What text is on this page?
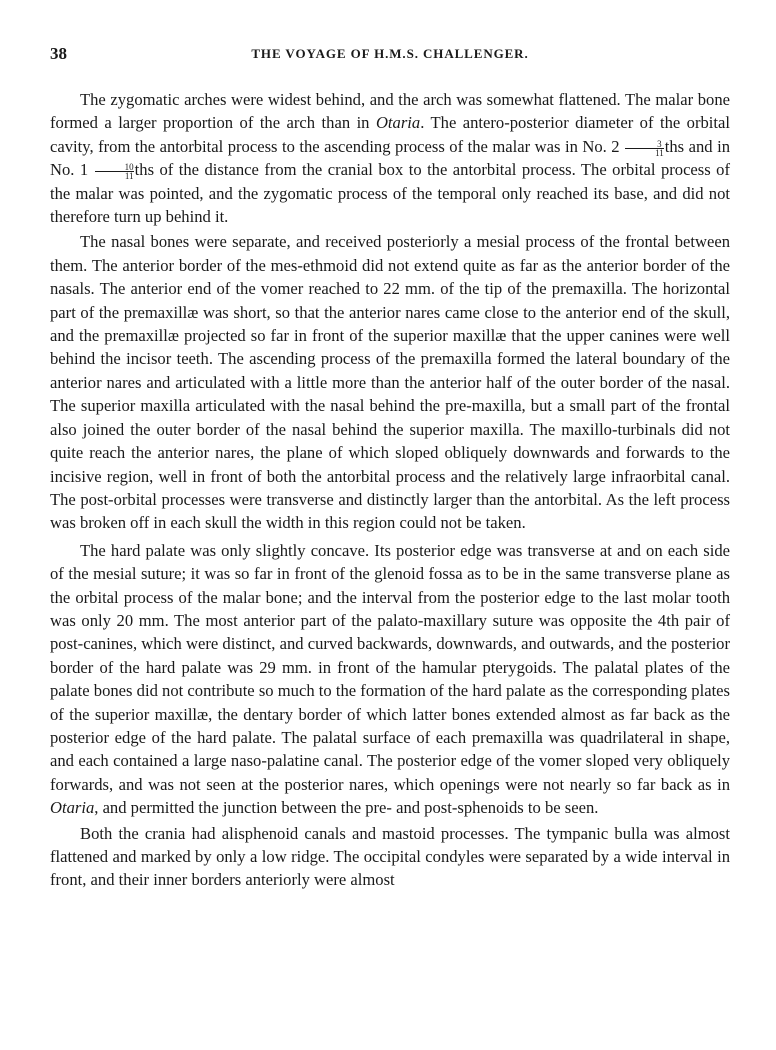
38	THE VOYAGE OF H.M.S. CHALLENGER.

The zygomatic arches were widest behind, and the arch was somewhat flattened. The malar bone formed a larger proportion of the arch than in Otaria. The antero-posterior diameter of the orbital cavity, from the antorbital process to the ascending process of the malar was in No. $2 \frac{3}{11}$ ths and in No. $1 \frac{10}{11}$ ths of the distance from the cranial box to the antorbital process. The orbital process of the malar was pointed, and the zygomatic process of the temporal only reached its base, and did not therefore turn up behind it.

The nasal bones were separate, and received posteriorly a mesial process of the frontal between them. The anterior border of the mes-ethmoid did not extend quite as far as the anterior border of the nasals. The anterior end of the vomer reached to 22 mm. of the tip of the premaxilla. The horizontal part of the premaxillæ was short, so that the anterior nares came close to the anterior end of the skull, and the premaxillæ projected so far in front of the superior maxillæ that the upper canines were well behind the incisor teeth. The ascending process of the premaxilla formed the lateral boundary of the anterior nares and articulated with a little more than the anterior half of the outer border of the nasal. The superior maxilla articulated with the nasal behind the pre-maxilla, but a small part of the frontal also joined the outer border of the nasal behind the superior maxilla. The maxillo-turbinals did not quite reach the anterior nares, the plane of which sloped obliquely downwards and forwards to the incisive region, well in front of both the antorbital process and the relatively large infraorbital canal. The post-orbital processes were transverse and distinctly larger than the antorbital. As the left process was broken off in each skull the width in this region could not be taken.

The hard palate was only slightly concave. Its posterior edge was transverse at and on each side of the mesial suture; it was so far in front of the glenoid fossa as to be in the same transverse plane as the orbital process of the malar bone; and the interval from the posterior edge to the last molar tooth was only 20 mm. The most anterior part of the palato-maxillary suture was opposite the 4th pair of post-canines, which were distinct, and curved backwards, downwards, and outwards, and the posterior border of the hard palate was 29 mm. in front of the hamular pterygoids. The palatal plates of the palate bones did not contribute so much to the formation of the hard palate as the corresponding plates of the superior maxillæ, the dentary border of which latter bones extended almost as far back as the posterior edge of the hard palate. The palatal surface of each premaxilla was quadrilateral in shape, and each contained a large naso-palatine canal. The posterior edge of the vomer sloped very obliquely forwards, and was not seen at the posterior nares, which openings were not nearly so far back as in Otaria, and permitted the junction between the pre- and post-sphenoids to be seen.

Both the crania had alisphenoid canals and mastoid processes. The tympanic bulla was almost flattened and marked by only a low ridge. The occipital condyles were separated by a wide interval in front, and their inner borders anteriorly were almost
